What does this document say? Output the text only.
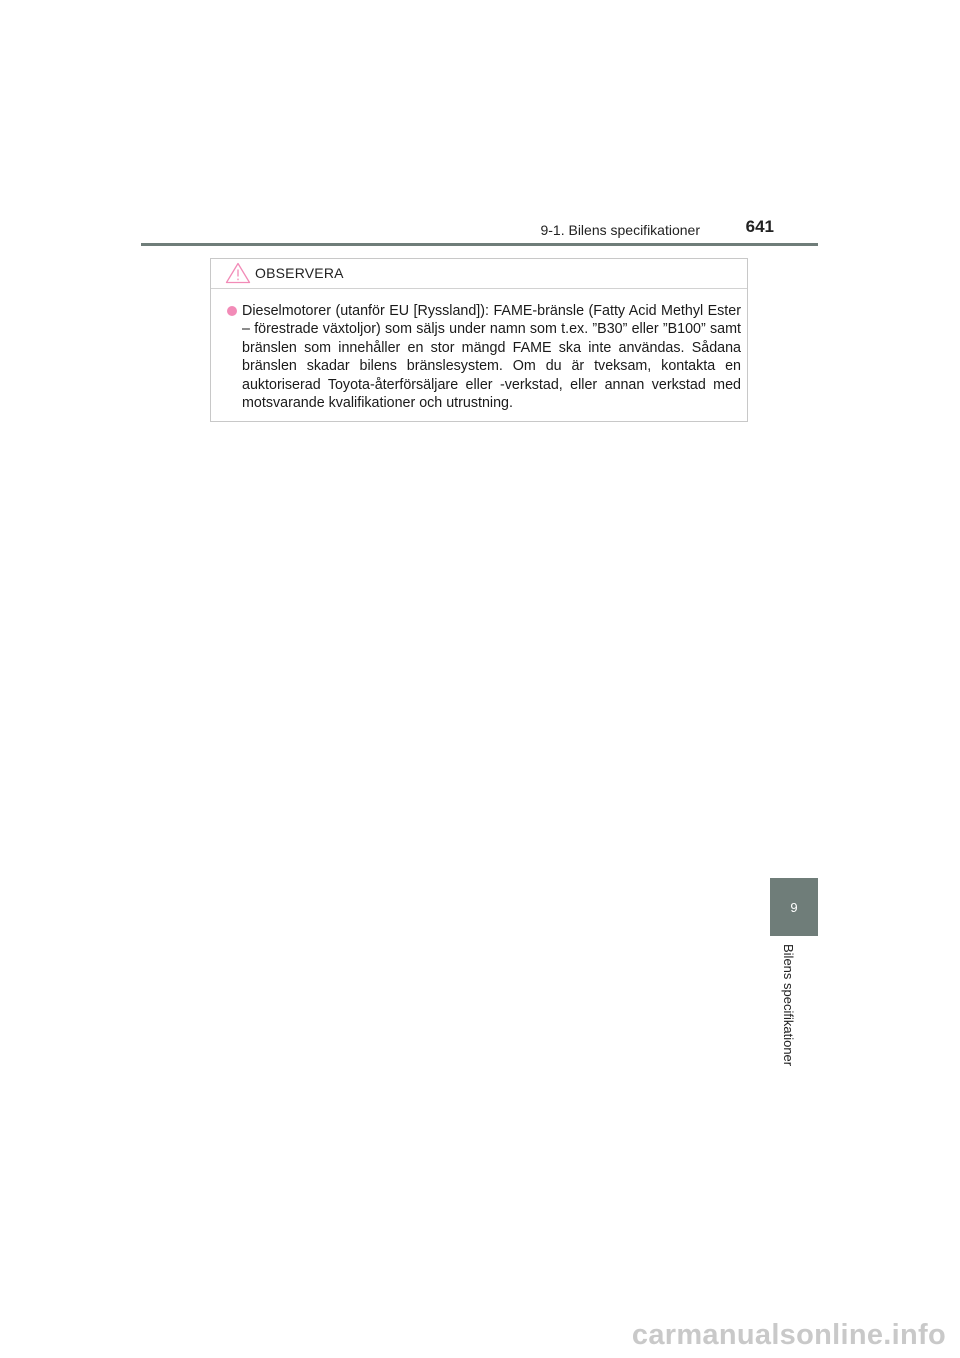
9-1. Bilens specifikationer	641
OBSERVERA

Dieselmotorer (utanför EU [Ryssland]): FAME-bränsle (Fatty Acid Methyl Ester – förestrade växtoljor) som säljs under namn som t.ex. ”B30” eller ”B100” samt bränslen som innehåller en stor mängd FAME ska inte användas. Sådana bränslen skadar bilens bränslesystem. Om du är tveksam, kontakta en auktoriserad Toyota-återförsäljare eller -verkstad, eller annan verkstad med motsvarande kvalifikationer och utrustning.

9
Bilens specifikationer
carmanualsonline.info
